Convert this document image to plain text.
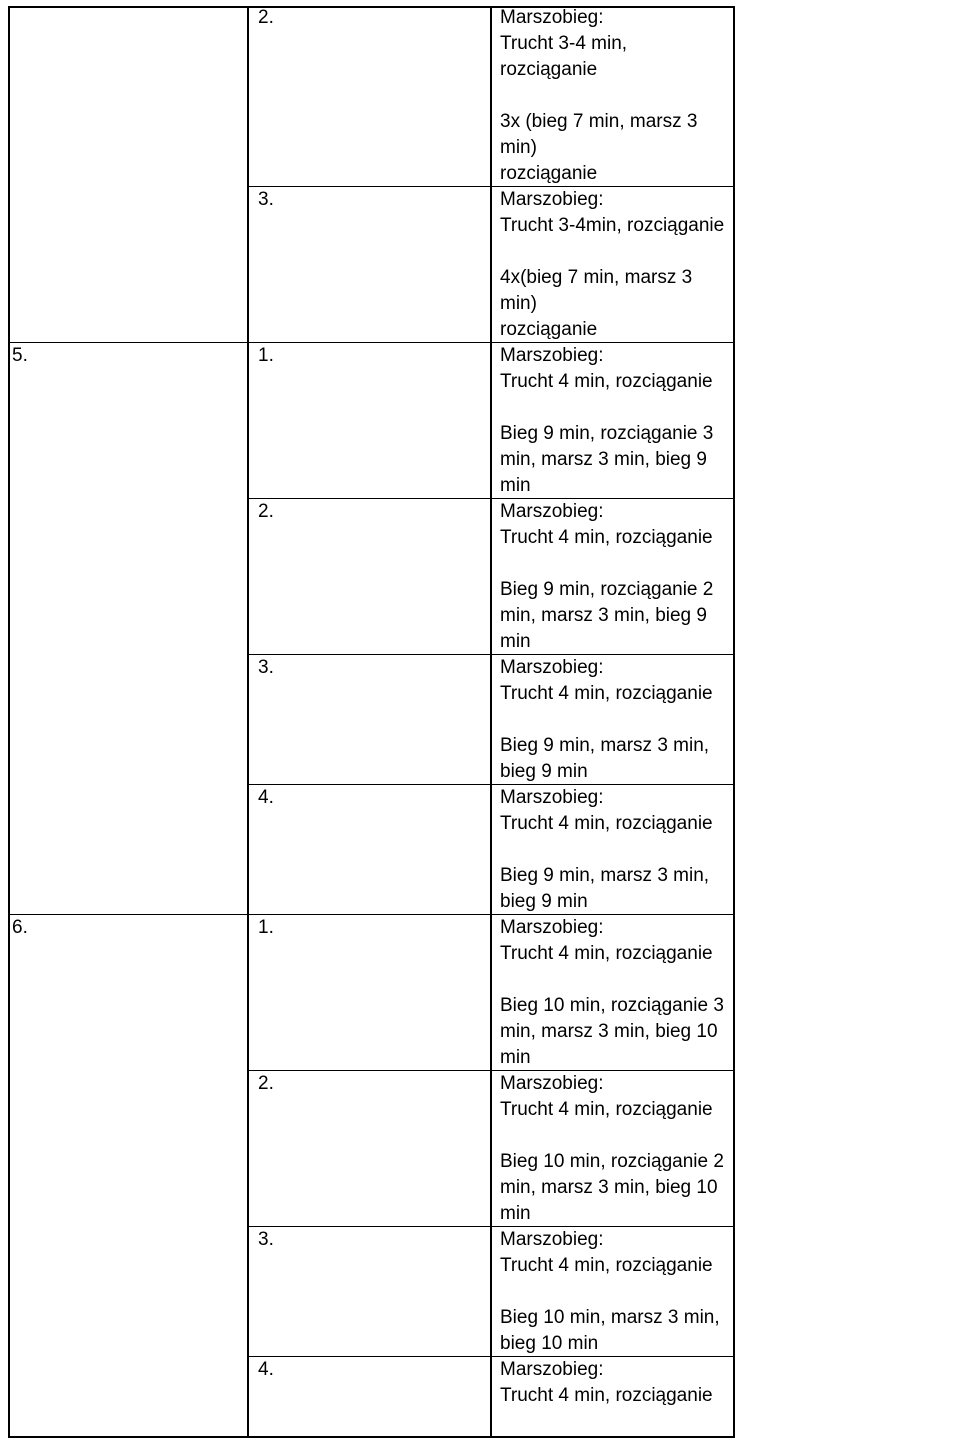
2.	Marszobieg:
Trucht 3-4 min,
rozciąganie
3x (bieg 7 min, marsz 3
min)
rozciąganie
3.	Marszobieg:
Trucht 3-4min, rozciąganie
4x(bieg 7 min, marsz 3
min)
rozciąganie
5.	1.	Marszobieg:
Trucht 4 min, rozciąganie
Bieg 9 min, rozciąganie 3
min, marsz 3 min, bieg 9
min
2.	Marszobieg:
Trucht 4 min, rozciąganie
Bieg 9 min, rozciąganie 2
min, marsz 3 min, bieg 9
min
3.	Marszobieg:
Trucht 4 min, rozciąganie
Bieg 9 min, marsz 3 min,
bieg 9 min
4.	Marszobieg:
Trucht 4 min, rozciąganie
Bieg 9 min, marsz 3 min,
bieg 9 min
6.	1.	Marszobieg:
Trucht 4 min, rozciąganie
Bieg 10 min, rozciąganie 3
min, marsz 3 min, bieg 10
min
2.	Marszobieg:
Trucht 4 min, rozciąganie
Bieg 10 min, rozciąganie 2
min, marsz 3 min, bieg 10
min
3.	Marszobieg:
Trucht 4 min, rozciąganie
Bieg 10 min, marsz 3 min,
bieg 10 min
4.	Marszobieg:
Trucht 4 min, rozciąganie
